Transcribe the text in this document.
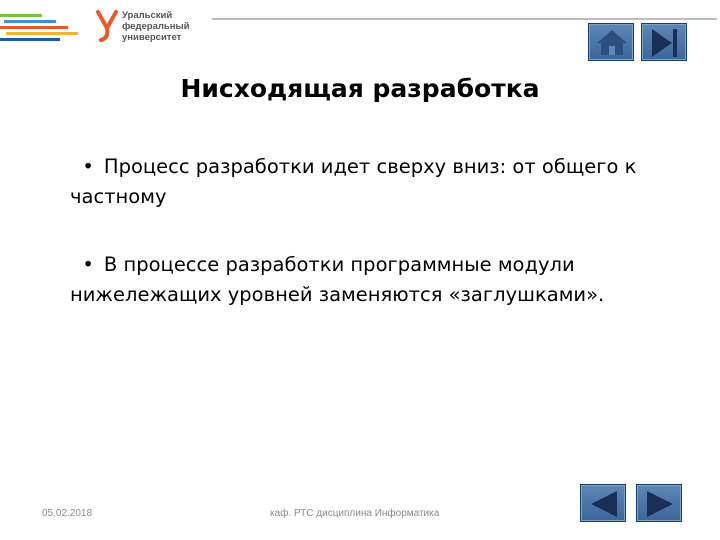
Уральский
федеральный
университет
Нисходящая разработка
• Процесс разработки идет сверху вниз: от общего к частному
• В процессе разработки программные модули нижележащих уровней заменяются «заглушками».
05.02.2018	каф. РТС дисциплина Информатика
